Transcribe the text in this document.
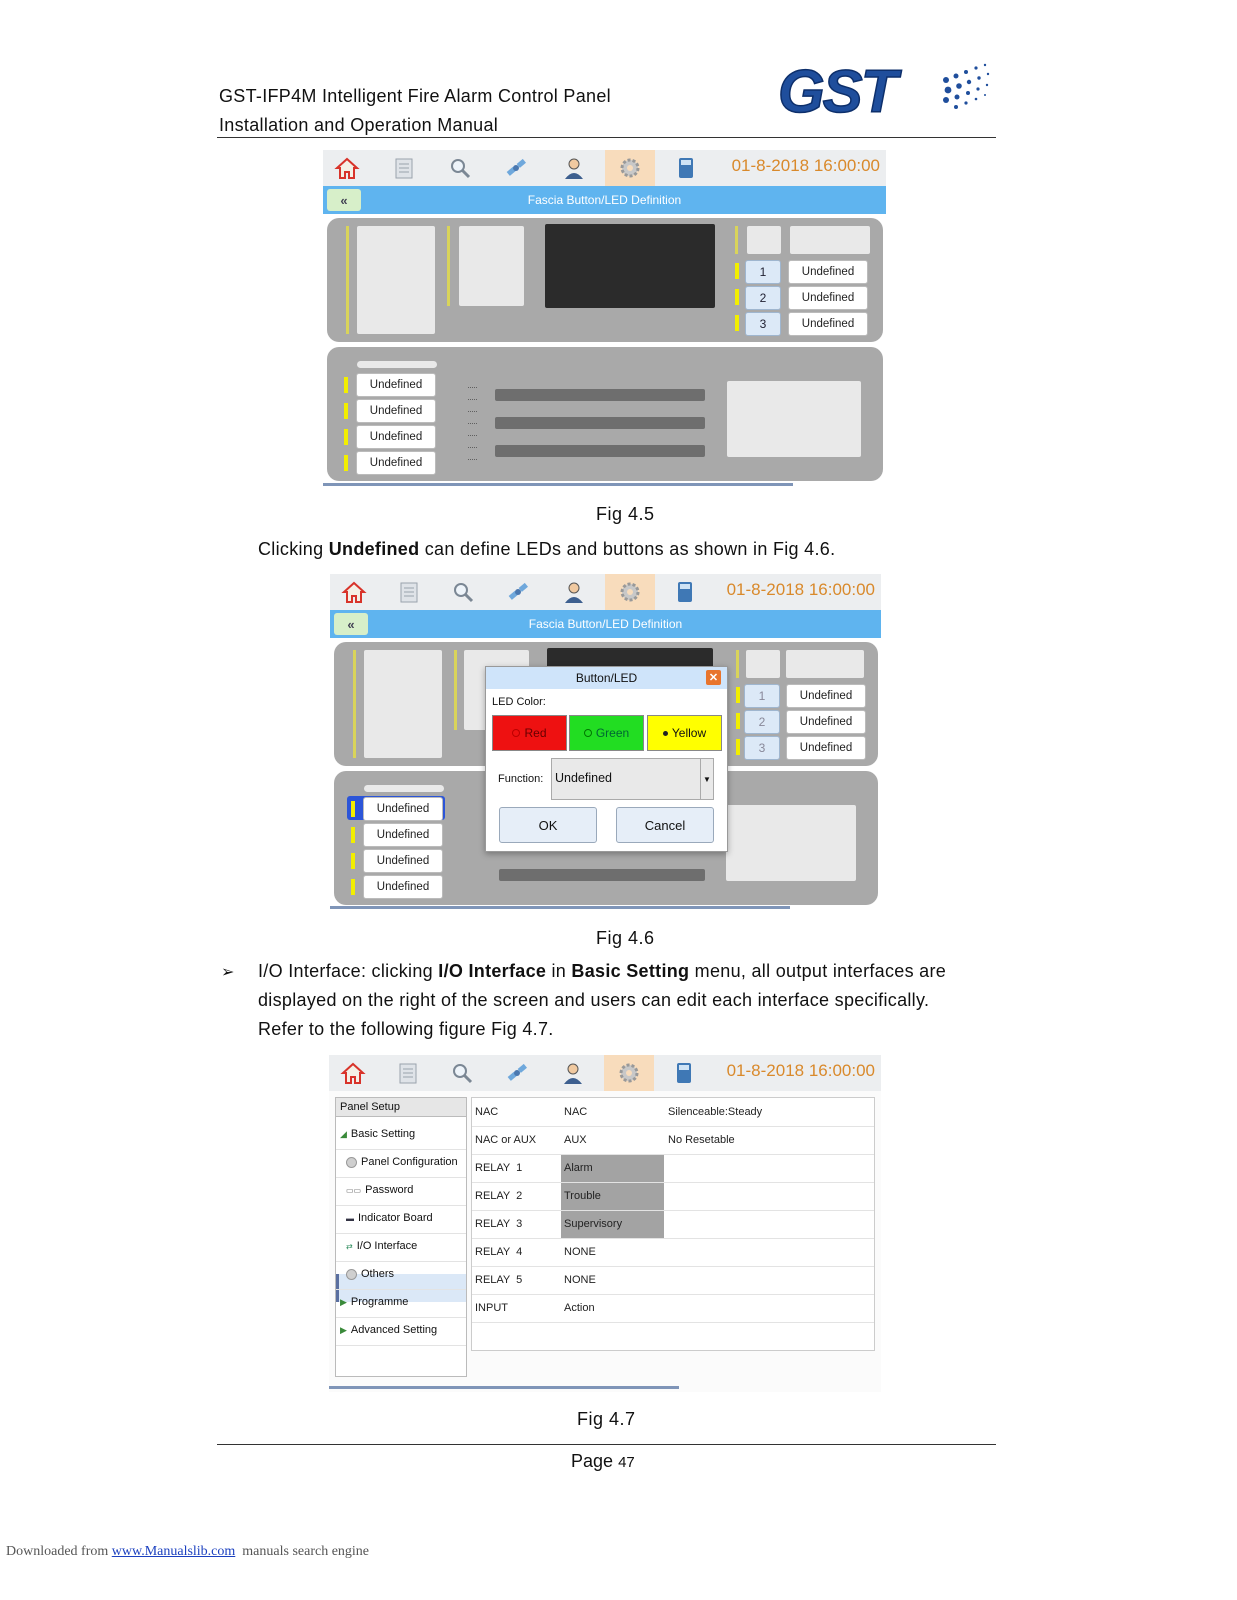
GST-IFP4M Intelligent Fire Alarm Control Panel
Installation and Operation Manual	GST
01-8-2018 16:00:00
«	Fascia Button/LED Definition
1	Undefined
2	Undefined
3	Undefined
Undefined
Undefined
Undefined
Undefined
·····
·····
·····
·····
·····
·····
·····
Fig 4.5
Clicking Undefined can define LEDs and buttons as shown in Fig 4.6.
01-8-2018 16:00:00
«	Fascia Button/LED Definition
1	Undefined
2	Undefined
3	Undefined
Undefined
Undefined
Undefined
Undefined
Button/LED	✕
LED Color:
Red	Green	Yellow
Function: Undefined	▼
OK	Cancel
Fig 4.6
➢ I/O Interface: clicking I/O Interface in Basic Setting menu, all output interfaces are
displayed on the right of the screen and users can edit each interface specifically.
Refer to the following figure Fig 4.7.
01-8-2018 16:00:00
Panel Setup
◢ Basic Setting
Panel Configuration
▭▭ Password
▬ Indicator Board
⇄ I/O Interface
Others
▶ Programme
▶ Advanced Setting
NAC	NAC	Silenceable:Steady
NAC or AUX	AUX	No Resetable
RELAY  1	Alarm
RELAY  2	Trouble
RELAY  3	Supervisory
RELAY  4	NONE
RELAY  5	NONE
INPUT	Action
Fig 4.7
Page 47
Downloaded from www.Manualslib.com  manuals search engine
